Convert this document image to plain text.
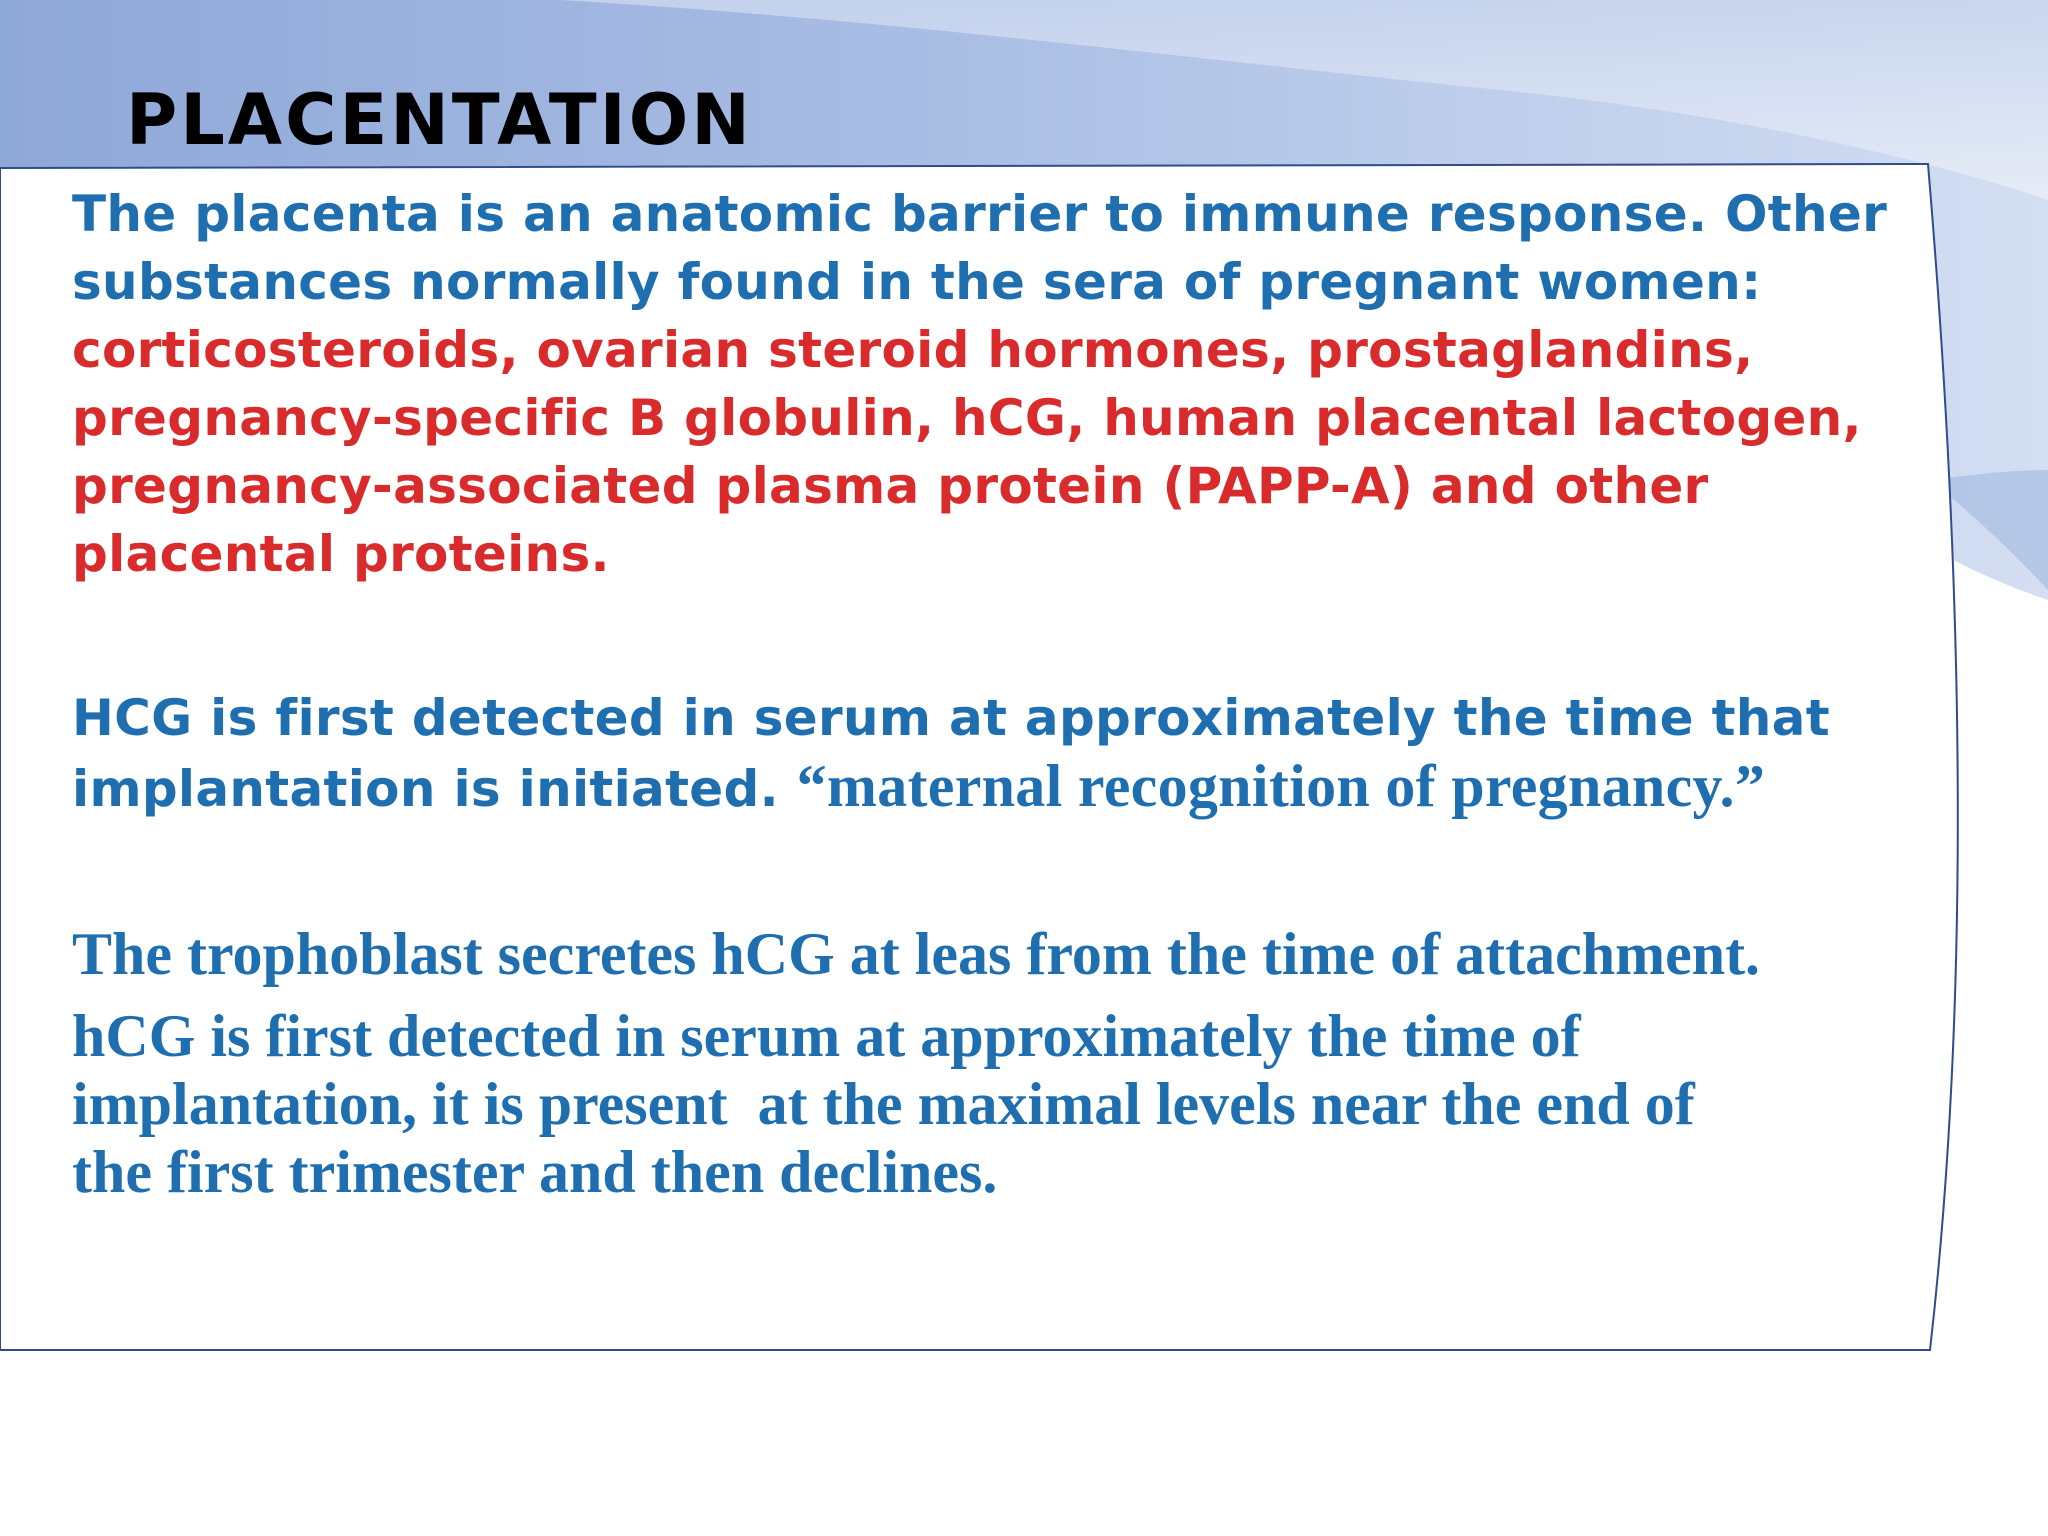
PLACENTATION

The placenta is an anatomic barrier to immune response. Other
substances normally found in the sera of pregnant women:
corticosteroids, ovarian steroid hormones, prostaglandins,
pregnancy-specific B globulin, hCG, human placental lactogen,
pregnancy-associated plasma protein (PAPP-A) and other
placental proteins.

HCG is first detected in serum at approximately the time that
implantation is initiated. “maternal recognition of pregnancy.”

The trophoblast secretes hCG at leas from the time of attachment.

hCG is first detected in serum at approximately the time of
implantation, it is present  at the maximal levels near the end of
the first trimester and then declines.
